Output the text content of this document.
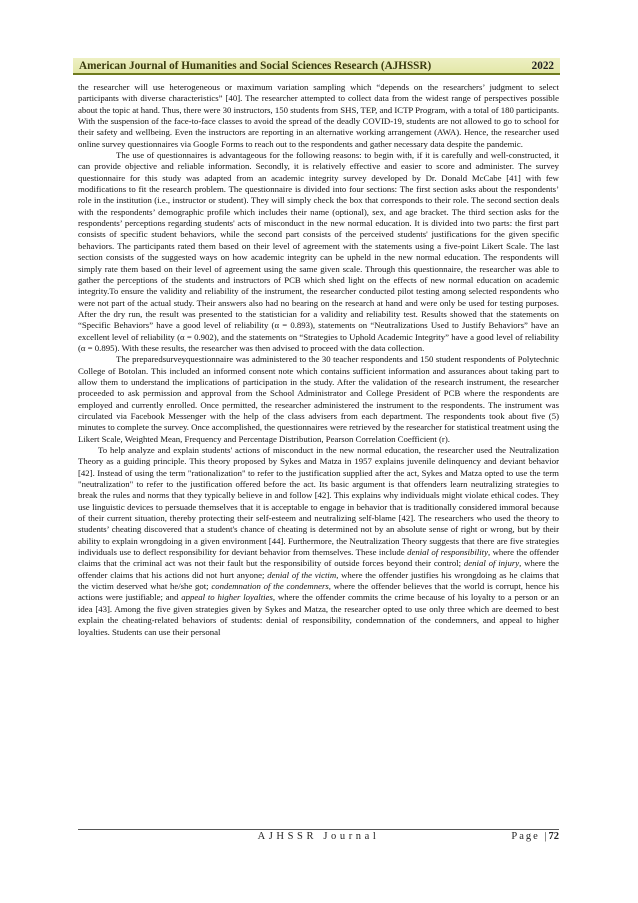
American Journal of Humanities and Social Sciences Research (AJHSSR)	2022

the researcher will use heterogeneous or maximum variation sampling which “depends on the researchers’ judgment to select participants with diverse characteristics” [40]. The researcher attempted to collect data from the widest range of perspectives possible about the topic at hand. Thus, there were 30 instructors, 150 students from SHS, TEP, and ICTP Program, with a total of 180 participants. With the suspension of the face-to-face classes to avoid the spread of the deadly COVID-19, students are not allowed to go to school for their safety and wellbeing. Even the instructors are reporting in an alternative working arrangement (AWA). Hence, the researcher used online survey questionnaires via Google Forms to reach out to the respondents and gather necessary data despite the pandemic.

The use of questionnaires is advantageous for the following reasons: to begin with, if it is carefully and well-constructed, it can provide objective and reliable information. Secondly, it is relatively effective and easier to score and administer. The survey questionnaire for this study was adapted from an academic integrity survey developed by Dr. Donald McCabe [41] with few modifications to fit the research problem. The questionnaire is divided into four sections: The first section asks about the respondents’ role in the institution (i.e., instructor or student). They will simply check the box that corresponds to their role. The second section deals with the respondents’ demographic profile which includes their name (optional), sex, and age bracket. The third section asks for the respondents’ perceptions regarding students' acts of misconduct in the new normal education. It is divided into two parts: the first part consists of specific student behaviors, while the second part consists of the perceived students' justifications for the given specific behaviors. The participants rated them based on their level of agreement with the statements using a five-point Likert Scale. The last section consists of the suggested ways on how academic integrity can be upheld in the new normal education. The respondents will simply rate them based on their level of agreement using the same given scale. Through this questionnaire, the researcher was able to gather the perceptions of the students and instructors of PCB which shed light on the effects of new normal education on academic integrity.To ensure the validity and reliability of the instrument, the researcher conducted pilot testing among selected respondents who were not part of the actual study. Their answers also had no bearing on the research at hand and were only be used for testing purposes. After the dry run, the result was presented to the statistician for a validity and reliability test. Results showed that the statements on “Specific Behaviors” have a good level of reliability (α = 0.893), statements on “Neutralizations Used to Justify Behaviors” have an excellent level of reliability (α = 0.902), and the statements on “Strategies to Uphold Academic Integrity” have a good level of reliability (α = 0.895). With these results, the researcher was then advised to proceed with the data collection.

The preparedsurveyquestionnaire was administered to the 30 teacher respondents and 150 student respondents of Polytechnic College of Botolan. This included an informed consent note which contains sufficient information and assurances about taking part to allow them to understand the implications of participation in the study. After the validation of the research instrument, the researcher proceeded to ask permission and approval from the School Administrator and College President of PCB where the respondents are employed and currently enrolled. Once permitted, the researcher administered the instrument to the respondents. The instrument was circulated via Facebook Messenger with the help of the class advisers from each department. The respondents took about five (5) minutes to complete the survey. Once accomplished, the questionnaires were retrieved by the researcher for statistical treatment using the Likert Scale, Weighted Mean, Frequency and Percentage Distribution, Pearson Correlation Coefficient (r).

To help analyze and explain students' actions of misconduct in the new normal education, the researcher used the Neutralization Theory as a guiding principle. This theory proposed by Sykes and Matza in 1957 explains juvenile delinquency and deviant behavior [42]. Instead of using the term "rationalization" to refer to the justification supplied after the act, Sykes and Matza opted to use the term "neutralization" to refer to the justification offered before the act. Its basic argument is that offenders learn neutralizing strategies to break the rules and norms that they typically believe in and follow [42]. This explains why individuals might violate ethical codes. They use linguistic devices to persuade themselves that it is acceptable to engage in behavior that is traditionally considered immoral because of their current situation, thereby protecting their self-esteem and neutralizing self-blame [42]. The researchers who used the theory to students’ cheating discovered that a student's chance of cheating is determined not by an absolute sense of right or wrong, but by their ability to explain wrongdoing in a given environment [44]. Furthermore, the Neutralization Theory suggests that there are five strategies individuals use to deflect responsibility for deviant behavior from themselves. These include denial of responsibility, where the offender claims that the criminal act was not their fault but the responsibility of outside forces beyond their control; denial of injury, where the offender claims that his actions did not hurt anyone; denial of the victim, where the offender justifies his wrongdoing as he claims that the victim deserved what he/she got; condemnation of the condemners, where the offender believes that the world is corrupt, hence his actions were justifiable; and appeal to higher loyalties, where the offender commits the crime because of his loyalty to a person or an idea [43]. Among the five given strategies given by Sykes and Matza, the researcher opted to use only three which are deemed to best explain the cheating-related behaviors of students: denial of responsibility, condemnation of the condemners, and appeal to higher loyalties. Students can use their personal

AJHSSR Journal	Page |72
